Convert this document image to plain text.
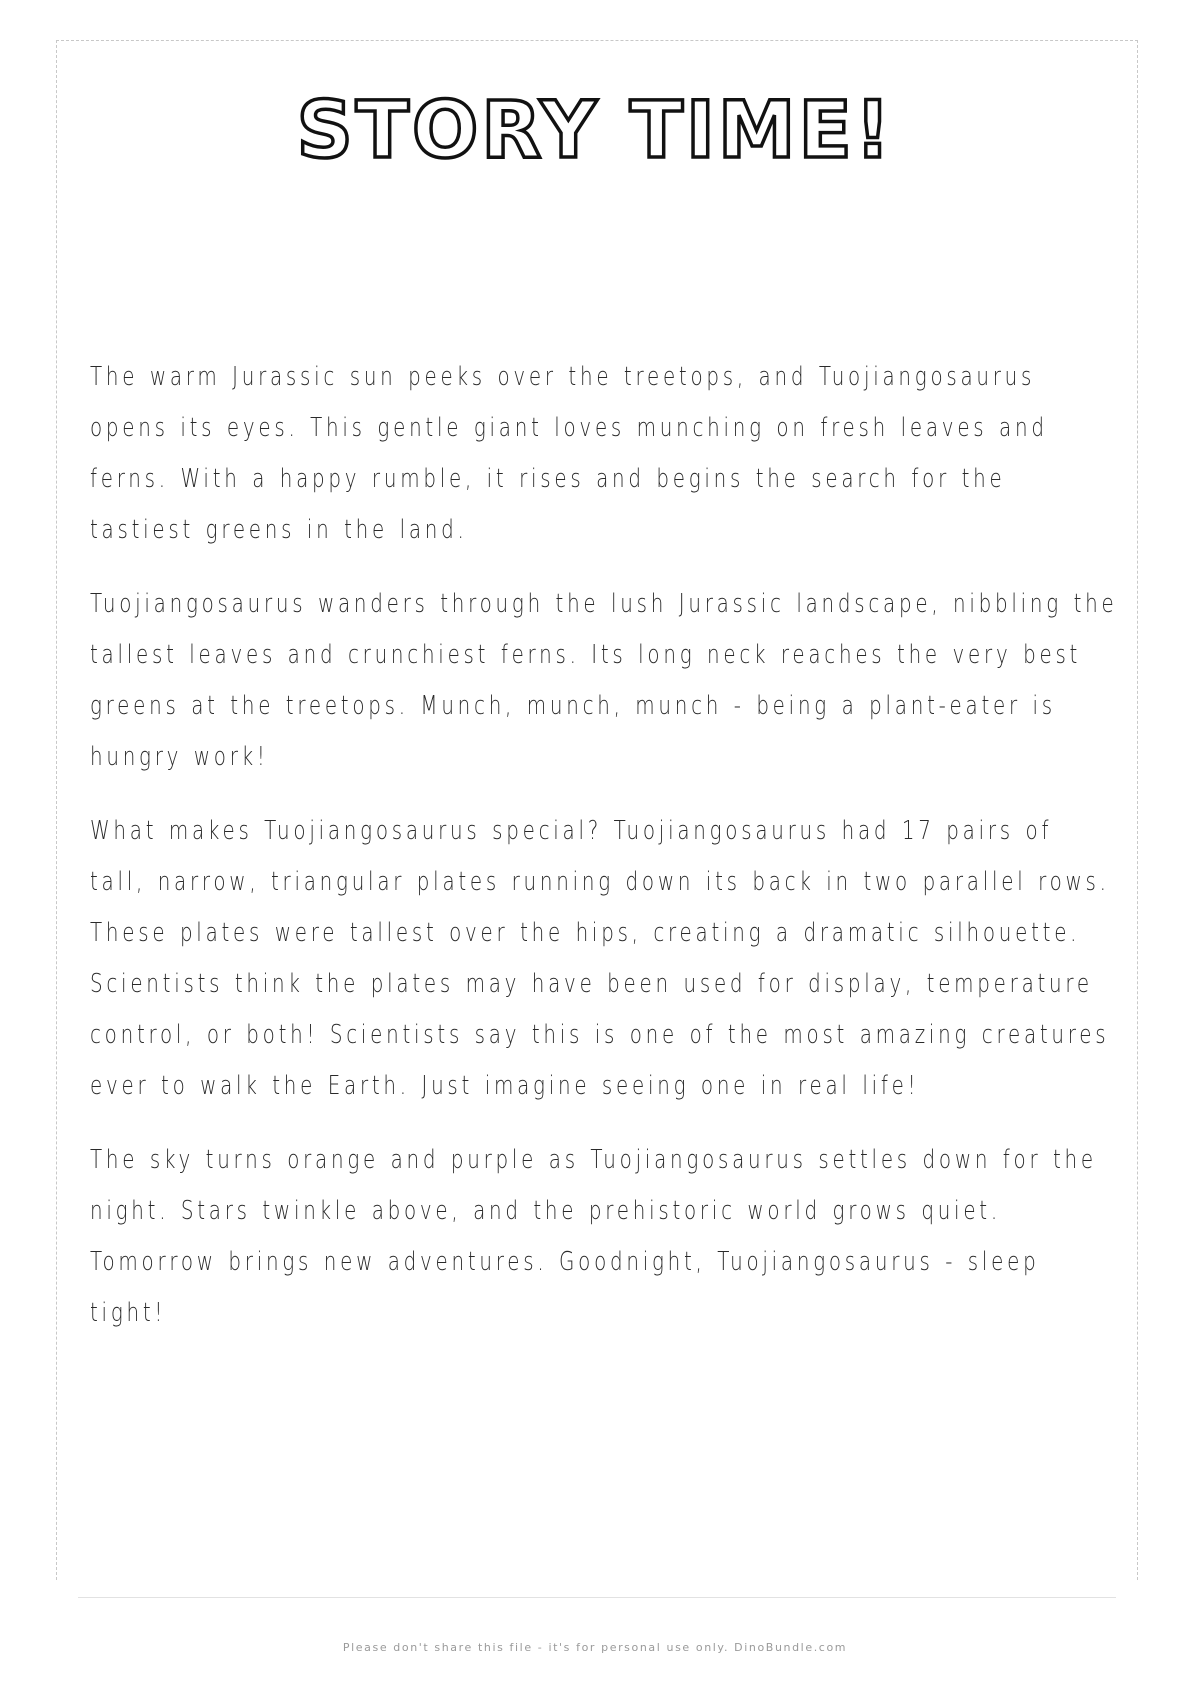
STORY TIME!

The warm Jurassic sun peeks over the treetops, and Tuojiangosaurus opens its eyes. This gentle giant loves munching on fresh leaves and ferns. With a happy rumble, it rises and begins the search for the tastiest greens in the land.

Tuojiangosaurus wanders through the lush Jurassic landscape, nibbling the tallest leaves and crunchiest ferns. Its long neck reaches the very best greens at the treetops. Munch, munch, munch - being a plant-eater is hungry work!

What makes Tuojiangosaurus special? Tuojiangosaurus had 17 pairs of tall, narrow, triangular plates running down its back in two parallel rows. These plates were tallest over the hips, creating a dramatic silhouette. Scientists think the plates may have been used for display, temperature control, or both! Scientists say this is one of the most amazing creatures ever to walk the Earth. Just imagine seeing one in real life!

The sky turns orange and purple as Tuojiangosaurus settles down for the night. Stars twinkle above, and the prehistoric world grows quiet. Tomorrow brings new adventures. Goodnight, Tuojiangosaurus - sleep tight!

Please don't share this file - it's for personal use only. DinoBundle.com
